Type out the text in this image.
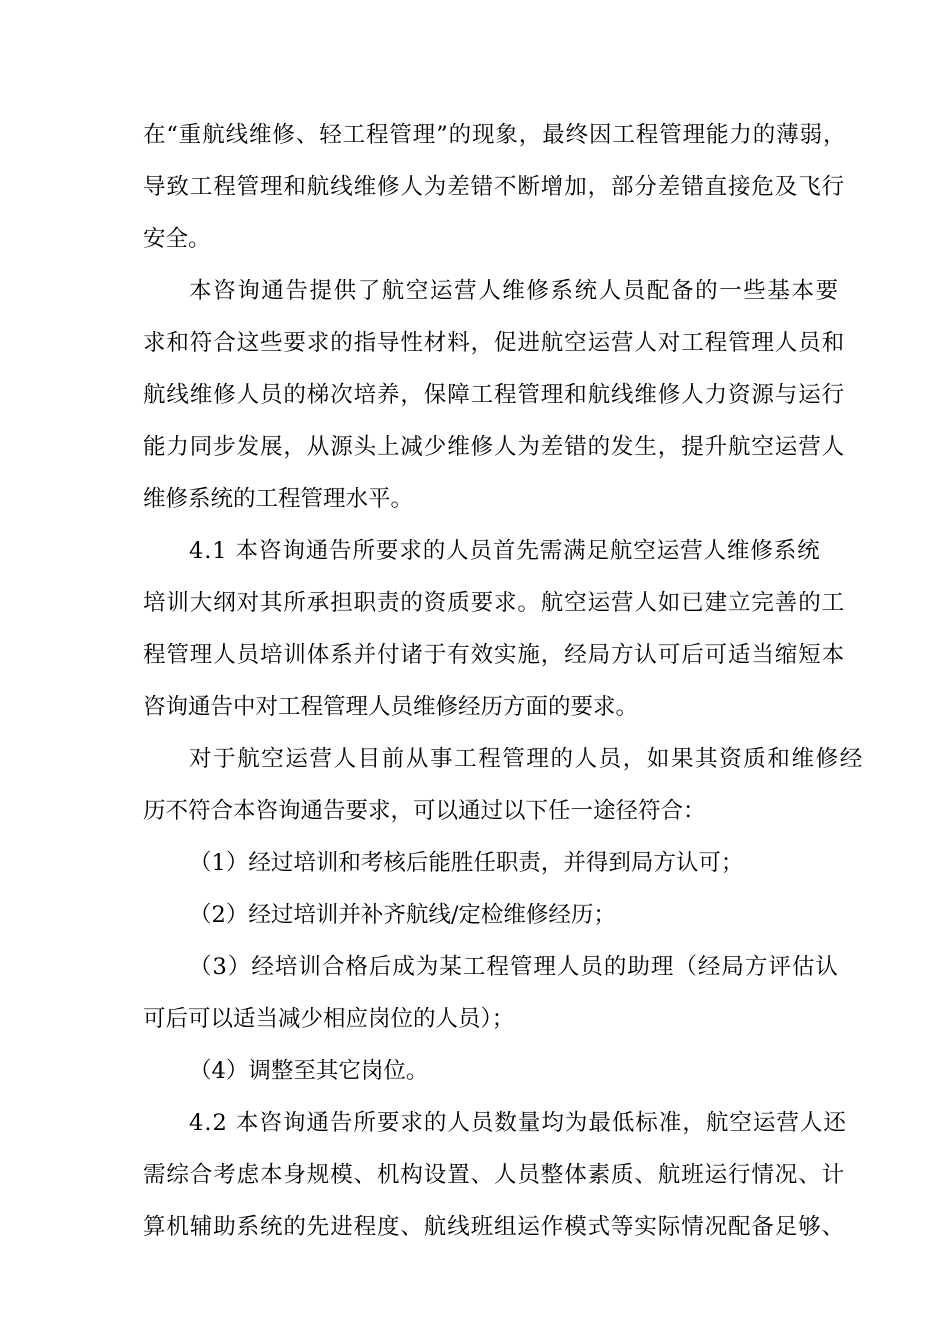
在“重航线维修、轻工程管理”的现象，最终因工程管理能力的薄弱，
导致工程管理和航线维修人为差错不断增加，部分差错直接危及飞行
安全。
本咨询通告提供了航空运营人维修系统人员配备的一些基本要
求和符合这些要求的指导性材料，促进航空运营人对工程管理人员和
航线维修人员的梯次培养，保障工程管理和航线维修人力资源与运行
能力同步发展，从源头上减少维修人为差错的发生，提升航空运营人
维修系统的工程管理水平。
4.1 本咨询通告所要求的人员首先需满足航空运营人维修系统
培训大纲对其所承担职责的资质要求。航空运营人如已建立完善的工
程管理人员培训体系并付诸于有效实施，经局方认可后可适当缩短本
咨询通告中对工程管理人员维修经历方面的要求。
对于航空运营人目前从事工程管理的人员，如果其资质和维修经
历不符合本咨询通告要求，可以通过以下任一途径符合：
（1）经过培训和考核后能胜任职责，并得到局方认可；
（2）经过培训并补齐航线/定检维修经历；
（3）经培训合格后成为某工程管理人员的助理（经局方评估认
可后可以适当减少相应岗位的人员）；
（4）调整至其它岗位。
4.2 本咨询通告所要求的人员数量均为最低标准，航空运营人还
需综合考虑本身规模、机构设置、人员整体素质、航班运行情况、计
算机辅助系统的先进程度、航线班组运作模式等实际情况配备足够、
